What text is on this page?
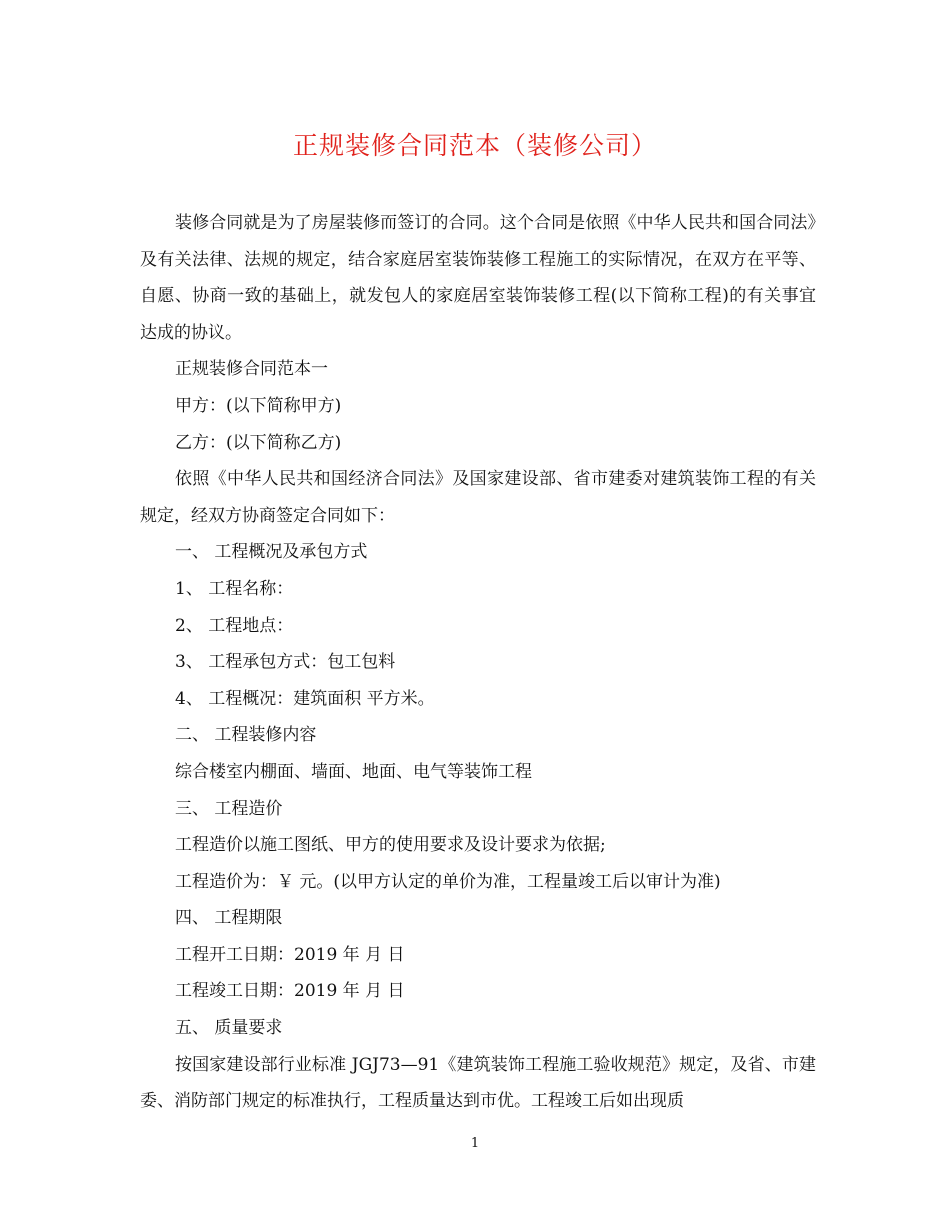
正规装修合同范本（装修公司）

装修合同就是为了房屋装修而签订的合同。这个合同是依照《中华人民共和国合同法》及有关法律、法规的规定，结合家庭居室装饰装修工程施工的实际情况，在双方在平等、自愿、协商一致的基础上，就发包人的家庭居室装饰装修工程(以下简称工程)的有关事宜达成的协议。

正规装修合同范本一

甲方：(以下简称甲方)

乙方：(以下简称乙方)

依照《中华人民共和国经济合同法》及国家建设部、省市建委对建筑装饰工程的有关规定，经双方协商签定合同如下：

一、 工程概况及承包方式

1、 工程名称：

2、 工程地点：

3、 工程承包方式：包工包料

4、 工程概况：建筑面积 平方米。

二、 工程装修内容

综合楼室内棚面、墙面、地面、电气等装饰工程

三、 工程造价

工程造价以施工图纸、甲方的使用要求及设计要求为依据;

工程造价为：￥ 元。(以甲方认定的单价为准，工程量竣工后以审计为准)

四、 工程期限

工程开工日期：2019 年 月 日

工程竣工日期：2019 年 月 日

五、 质量要求

按国家建设部行业标准 JGJ73—91《建筑装饰工程施工验收规范》规定，及省、市建委、消防部门规定的标准执行，工程质量达到市优。工程竣工后如出现质

1
